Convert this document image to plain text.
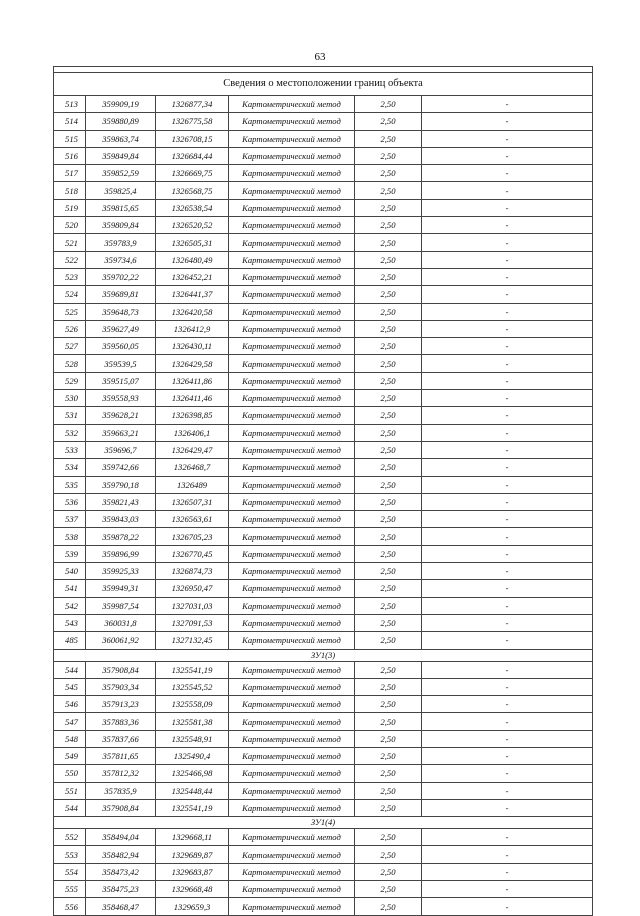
63

Сведения о местоположении границ объекта					
513	359909,19	1326877,34	Картометрический метод	2,50	-
514	359880,89	1326775,58	Картометрический метод	2,50	-
515	359863,74	1326708,15	Картометрический метод	2,50	-
516	359849,84	1326684,44	Картометрический метод	2,50	-
517	359852,59	1326669,75	Картометрический метод	2,50	-
518	359825,4	1326568,75	Картометрический метод	2,50	-
519	359815,65	1326538,54	Картометрический метод	2,50	-
520	359809,84	1326520,52	Картометрический метод	2,50	-
521	359783,9	1326505,31	Картометрический метод	2,50	-
522	359734,6	1326480,49	Картометрический метод	2,50	-
523	359702,22	1326452,21	Картометрический метод	2,50	-
524	359689,81	1326441,37	Картометрический метод	2,50	-
525	359648,73	1326420,58	Картометрический метод	2,50	-
526	359627,49	1326412,9	Картометрический метод	2,50	-
527	359560,05	1326430,11	Картометрический метод	2,50	-
528	359539,5	1326429,58	Картометрический метод	2,50	-
529	359515,07	1326411,86	Картометрический метод	2,50	-
530	359558,93	1326411,46	Картометрический метод	2,50	-
531	359628,21	1326398,85	Картометрический метод	2,50	-
532	359663,21	1326406,1	Картометрический метод	2,50	-
533	359696,7	1326429,47	Картометрический метод	2,50	-
534	359742,66	1326468,7	Картометрический метод	2,50	-
535	359790,18	1326489	Картометрический метод	2,50	-
536	359821,43	1326507,31	Картометрический метод	2,50	-
537	359843,03	1326563,61	Картометрический метод	2,50	-
538	359878,22	1326705,23	Картометрический метод	2,50	-
539	359896,99	1326770,45	Картометрический метод	2,50	-
540	359925,33	1326874,73	Картометрический метод	2,50	-
541	359949,31	1326950,47	Картометрический метод	2,50	-
542	359987,54	1327031,03	Картометрический метод	2,50	-
543	360031,8	1327091,53	Картометрический метод	2,50	-
485	360061,92	1327132,45	Картометрический метод	2,50	-
ЗУ1(3)					
544	357908,84	1325541,19	Картометрический метод	2,50	-
545	357903,34	1325545,52	Картометрический метод	2,50	-
546	357913,23	1325558,09	Картометрический метод	2,50	-
547	357883,36	1325581,38	Картометрический метод	2,50	-
548	357837,66	1325548,91	Картометрический метод	2,50	-
549	357811,65	1325490,4	Картометрический метод	2,50	-
550	357812,32	1325466,98	Картометрический метод	2,50	-
551	357835,9	1325448,44	Картометрический метод	2,50	-
544	357908,84	1325541,19	Картометрический метод	2,50	-
ЗУ1(4)					
552	358494,04	1329668,11	Картометрический метод	2,50	-
553	358482,94	1329689,87	Картометрический метод	2,50	-
554	358473,42	1329683,87	Картометрический метод	2,50	-
555	358475,23	1329668,48	Картометрический метод	2,50	-
556	358468,47	1329659,3	Картометрический метод	2,50	-
